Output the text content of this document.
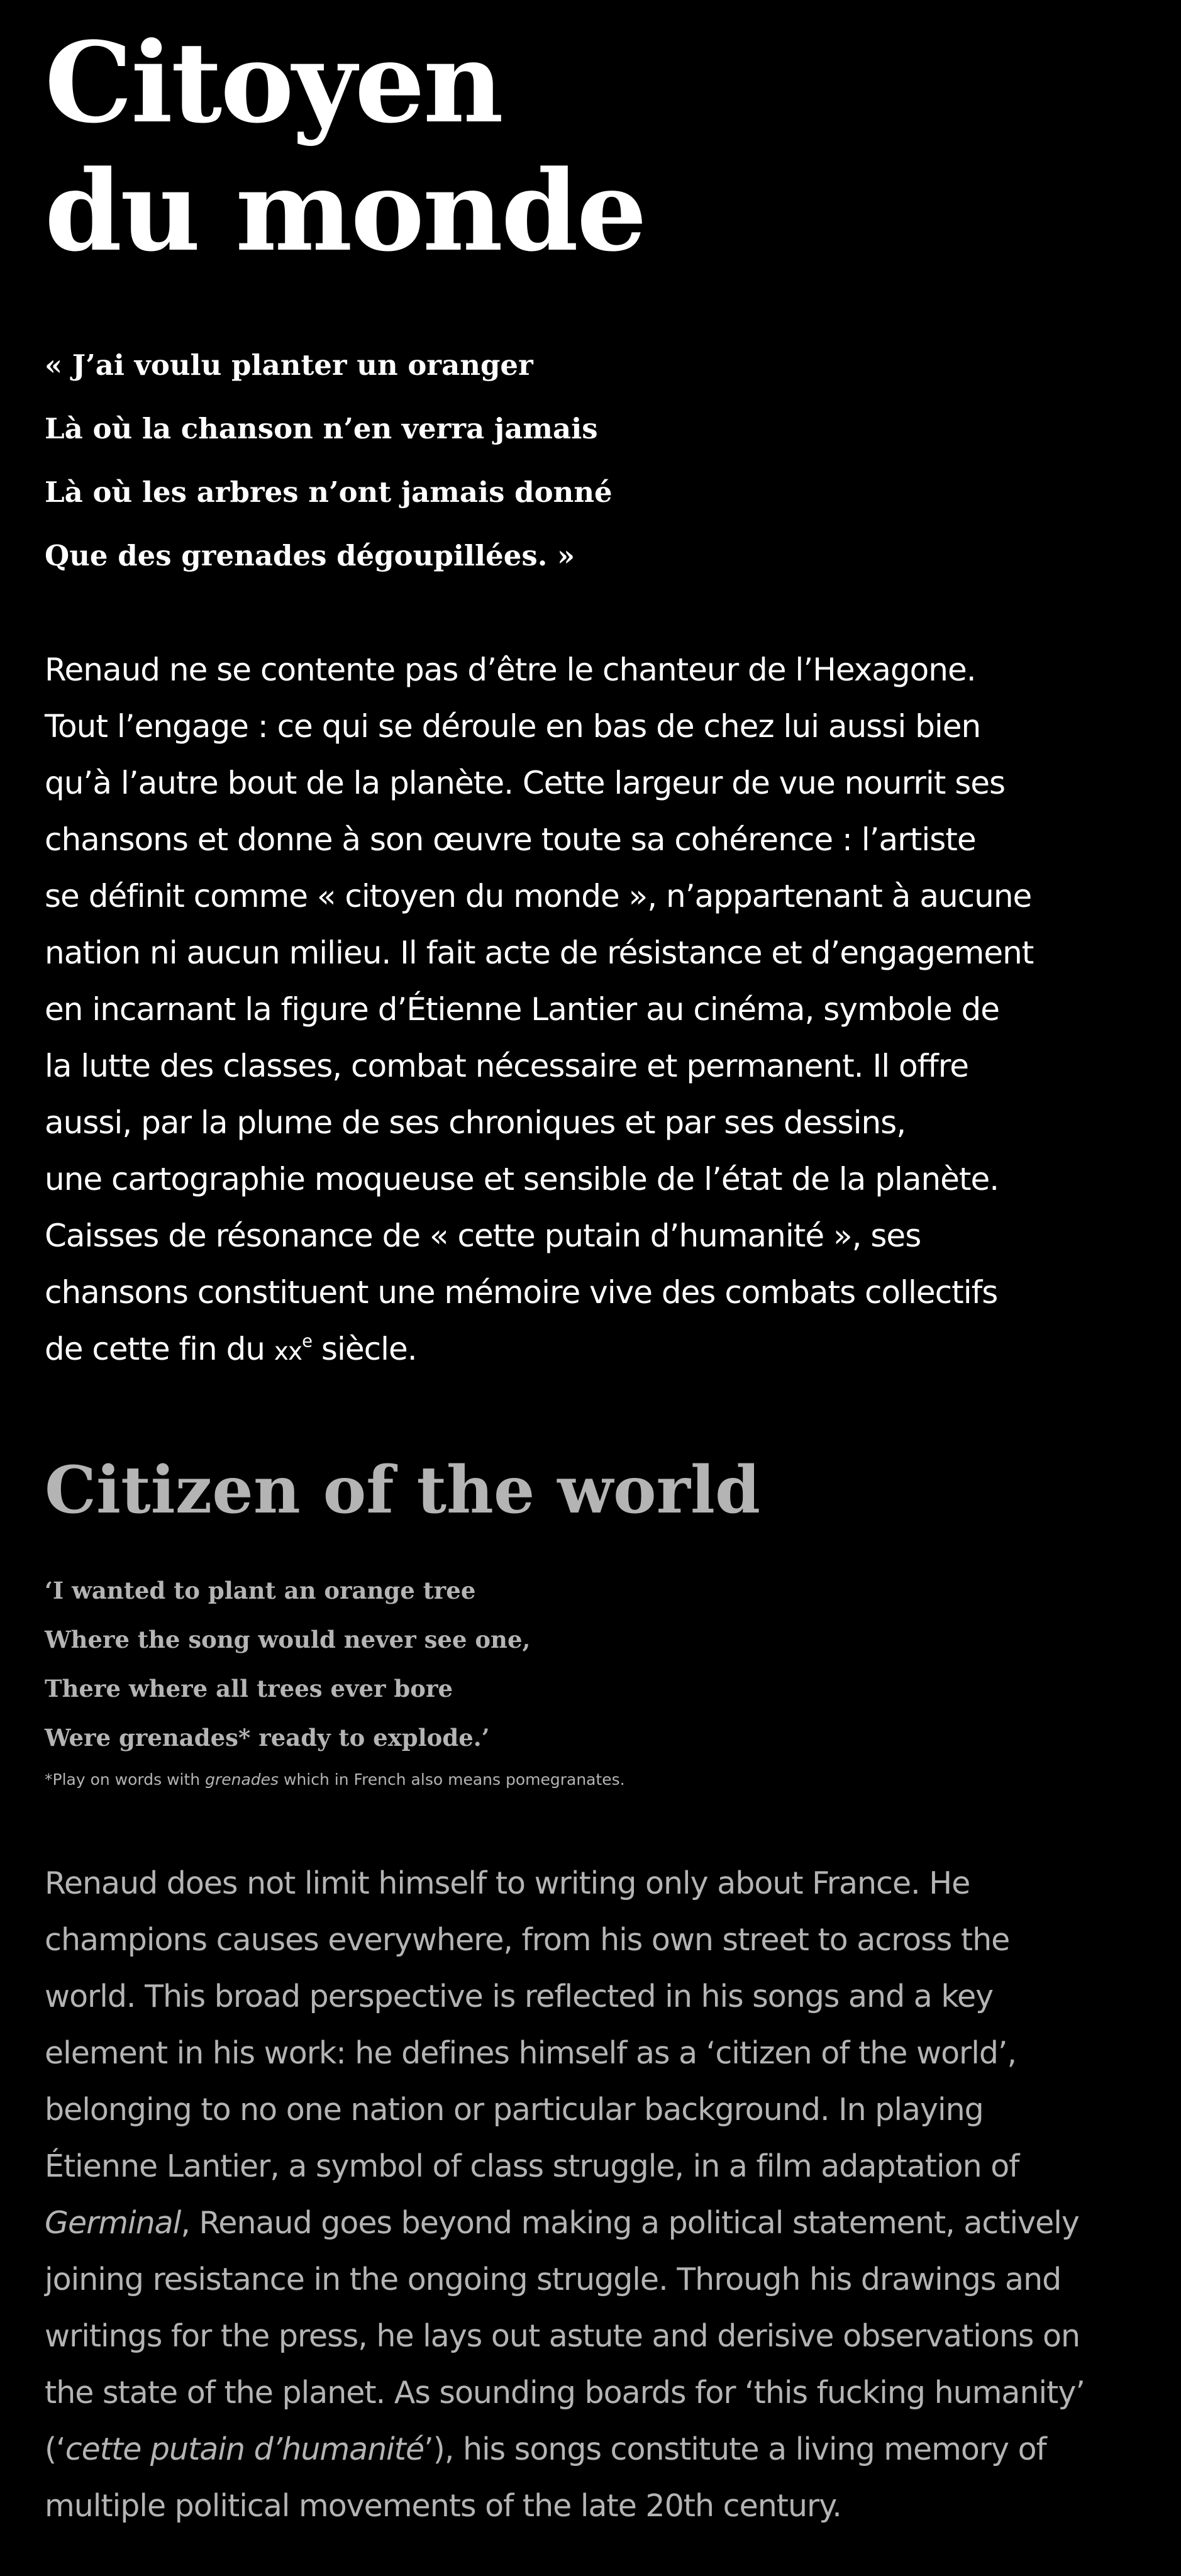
Citoyen
du monde
« J’ai voulu planter un oranger
Là où la chanson n’en verra jamais
Là où les arbres n’ont jamais donné
Que des grenades dégoupillées. »
Renaud ne se contente pas d’être le chanteur de l’Hexagone.
Tout l’engage : ce qui se déroule en bas de chez lui aussi bien
qu’à l’autre bout de la planète. Cette largeur de vue nourrit ses
chansons et donne à son œuvre toute sa cohérence : l’artiste
se définit comme « citoyen du monde », n’appartenant à aucune
nation ni aucun milieu. Il fait acte de résistance et d’engagement
en incarnant la figure d’Étienne Lantier au cinéma, symbole de
la lutte des classes, combat nécessaire et permanent. Il offre
aussi, par la plume de ses chroniques et par ses dessins,
une cartographie moqueuse et sensible de l’état de la planète.
Caisses de résonance de « cette putain d’humanité », ses
chansons constituent une mémoire vive des combats collectifs
de cette fin du $xx^e$ siècle.
Citizen of the world
‘I wanted to plant an orange tree
Where the song would never see one,
There where all trees ever bore
Were grenades* ready to explode.’

*Play on words with grenades which in French also means pomegranates.

Renaud does not limit himself to writing only about France. He
champions causes everywhere, from his own street to across the
world. This broad perspective is reflected in his songs and a key
element in his work: he defines himself as a ‘citizen of the world’,
belonging to no one nation or particular background. In playing
Étienne Lantier, a symbol of class struggle, in a film adaptation of
Germinal, Renaud goes beyond making a political statement, actively
joining resistance in the ongoing struggle. Through his drawings and
writings for the press, he lays out astute and derisive observations on
the state of the planet. As sounding boards for ‘this fucking humanity’
(‘cette putain d’humanité’), his songs constitute a living memory of
multiple political movements of the late 20th century.
